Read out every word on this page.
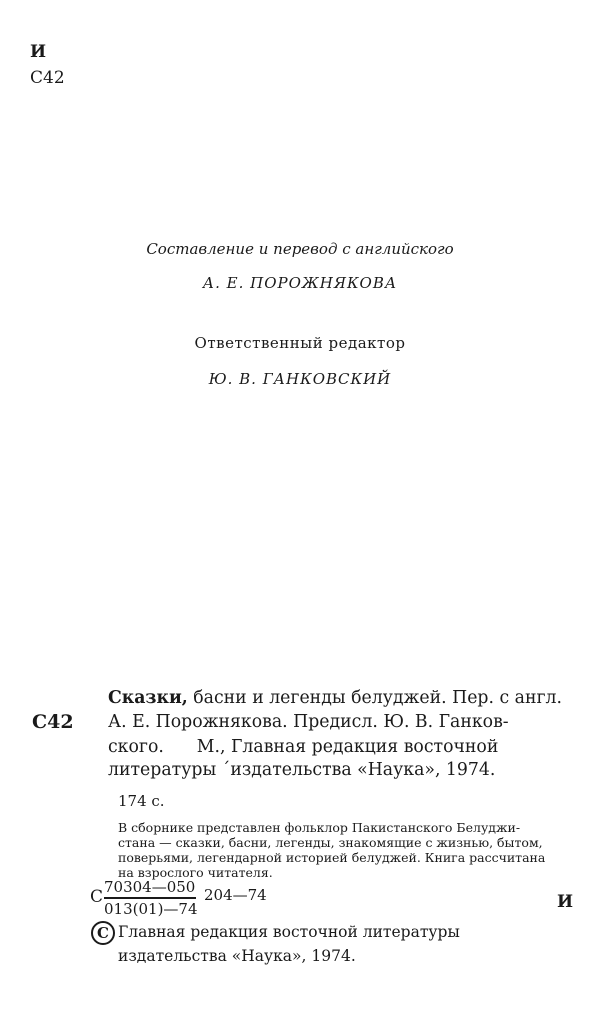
И
С42
Составление и перевод с английского
А. Е. ПОРОЖНЯКОВА
Ответственный редактор
Ю. В. ГАНКОВСКИЙ
С42
Сказки, басни и легенды белуджей. Пер. с англ.
А. Е. Порожнякова. Предисл. Ю. В. Ганков-
ского.      М., Главная редакция восточной
литературы ˊиздательства «Наука», 1974.
174 с.
В сборнике представлен фольклор Пакистанского Белуджи-
стана — сказки, басни, легенды, знакомящие с жизнью, бытом,
поверьями, легендарной историей белуджей. Книга рассчитана
на взрослого читателя.
С 70304—050
013(01)—74
204—74	И
С Главная редакция восточной литературы
издательства «Наука», 1974.
